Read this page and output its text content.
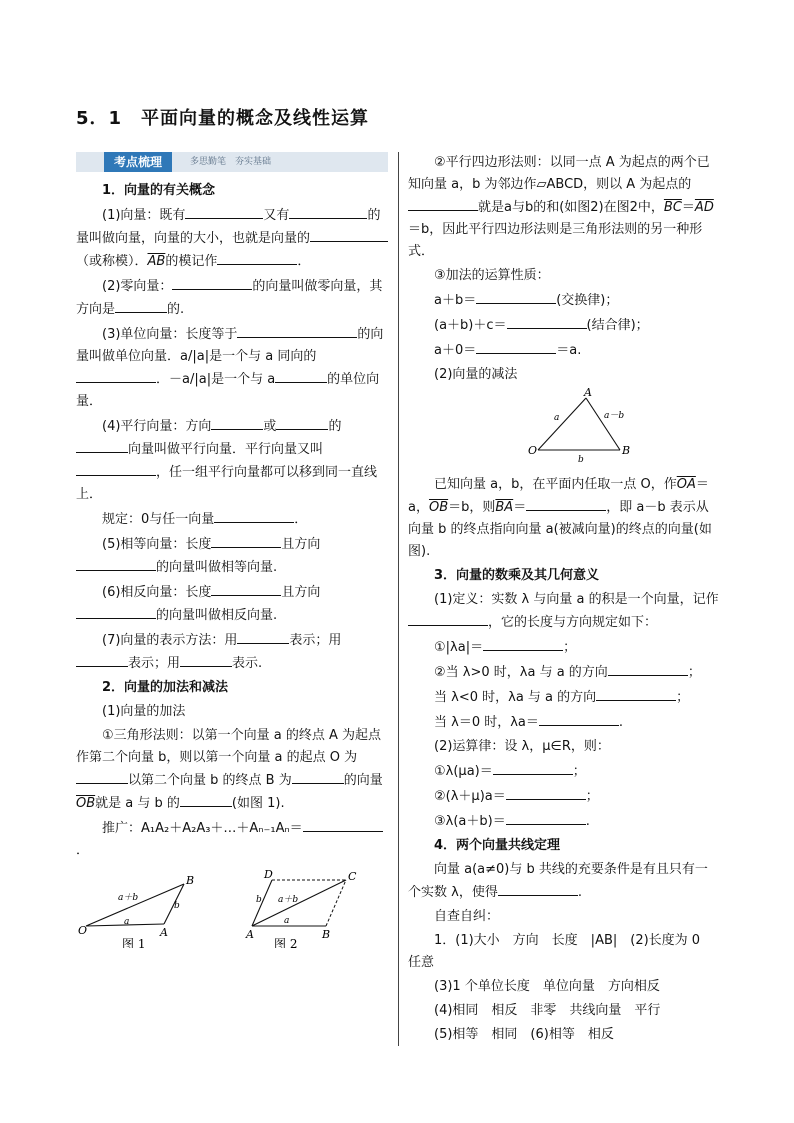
5．1　平面向量的概念及线性运算
考点梳理	多思勤笔　夯实基础
1．向量的有关概念
(1)向量：既有	又有	的量叫做向量，向量的大小，也就是向量的（或称模）．$\overline{AB}$的模记作	．
(2)零向量：	的向量叫做零向量，其方向是	的.
(3)单位向量：长度等于	的向量叫做单位向量．a/|a|是一个与 a 同向的．－a/|a|是一个与 a	的单位向量．
(4)平行向量：方向	或	的向量叫做平行向量．平行向量又叫，任一组平行向量都可以移到同一直线上．
规定：0与任一向量	．
(5)相等向量：长度	且方向的向量叫做相等向量.
(6)相反向量：长度	且方向的向量叫做相反向量.
(7)向量的表示方法：用	表示；用表示；用	表示.
2．向量的加法和减法
(1)向量的加法
①三角形法则：以第一个向量 a 的终点 A 为起点作第二个向量 b，则以第一个向量 a 的起点 O 为以第二个向量 b 的终点 B 为	的向量$\overline{OB}$就是 a 与 b 的	(如图 1).
推广：A₁A₂＋A₂A₃＋…＋Aₙ₋₁Aₙ＝．
O	A
B
a＋b
a
b
图 1
A	B
C
D
a＋b
a
b
图 2
②平行四边形法则：以同一点 A 为起点的两个已知向量 a，b 为邻边作▱ABCD，则以 A 为起点的就是a与b的和(如图2)在图2中，$\overline{BC}=\overline{AD}=b$，因此平行四边形法则是三角形法则的另一种形式．
③加法的运算性质：
a＋b＝	(交换律)；
(a＋b)＋c＝	(结合律)；
a＋0＝	＝a.
(2)向量的减法
O
A
B
a
b
a－b
已知向量 a，b，在平面内任取一点 O，作$\overline{OA}=a$，$\overline{OB}=b$，则$\overline{BA}=$	，即 a－b 表示从向量 b 的终点指向向量 a(被减向量)的终点的向量(如图).
3．向量的数乘及其几何意义
(1)定义：实数 λ 与向量 a 的积是一个向量，记作，它的长度与方向规定如下：
①|λa|＝	；
②当 λ>0 时，λa 与 a 的方向	；
当 λ<0 时，λa 与 a 的方向	；
当 λ＝0 时，λa＝	.
(2)运算律：设 λ，μ∈R，则：
①λ(μa)＝	；
②(λ＋μ)a＝	；
③λ(a＋b)＝	.
4．两个向量共线定理
向量 a(a≠0)与 b 共线的充要条件是有且只有一个实数 λ，使得	.
自查自纠：
1．(1)大小　方向　长度　|AB|　(2)长度为 0　任意
(3)1 个单位长度　单位向量　方向相反
(4)相同　相反　非零　共线向量　平行
(5)相等　相同　(6)相等　相反
